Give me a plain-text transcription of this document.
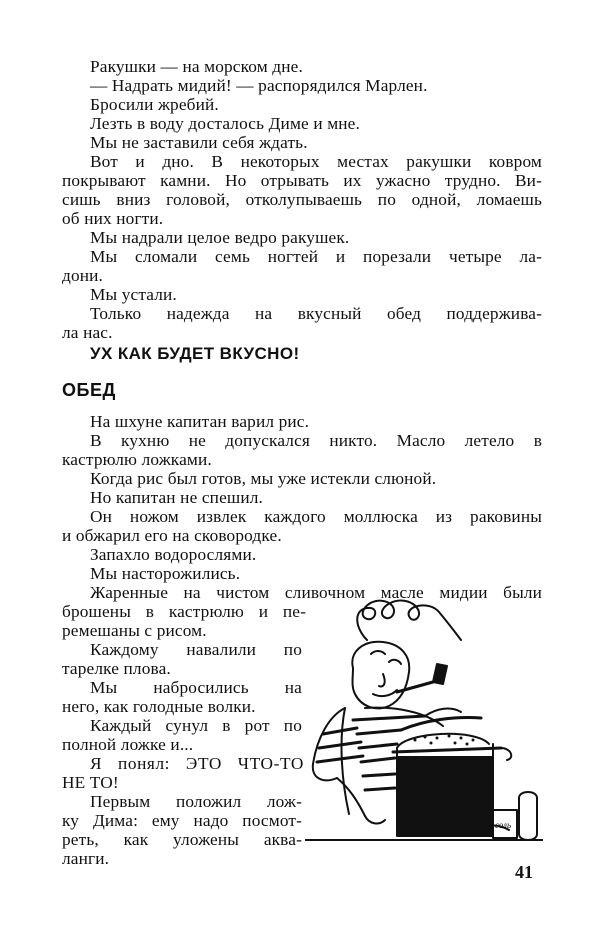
Ракушки — на морском дне.
— Надрать мидий! — распорядился Марлен.
Бросили жребий.
Лезть в воду досталось Диме и мне.
Мы не заставили себя ждать.
Вот и дно. В некоторых местах ракушки ковром
покрывают камни. Но отрывать их ужасно трудно. Ви-
сишь вниз головой, отколупываешь по одной, ломаешь
об них ногти.
Мы надрали целое ведро ракушек.
Мы сломали семь ногтей и порезали четыре ла-
дони.
Мы устали.
Только надежда на вкусный обед поддержива-
ла нас.
УХ КАК БУДЕТ ВКУСНО!
ОБЕД
На шхуне капитан варил рис.
В кухню не допускался никто. Масло летело в
кастрюлю ложками.
Когда рис был готов, мы уже истекли слюной.
Но капитан не спешил.
Он ножом извлек каждого моллюска из раковины
и обжарил его на сковородке.
Запахло водорослями.
Мы насторожились.
Жаренные на чистом сливочном масле мидии были
брошены в кастрюлю и пе-
ремешаны с рисом.
Каждому навалили по
тарелке плова.
Мы набросились на
него, как голодные волки.
Каждый сунул в рот по
полной ложке и...
Я понял: ЭТО ЧТО-ТО
НЕ ТО!
Первым положил лож-
ку Дима: ему надо посмот-
реть, как уложены аква-
ланги.
соль
41
